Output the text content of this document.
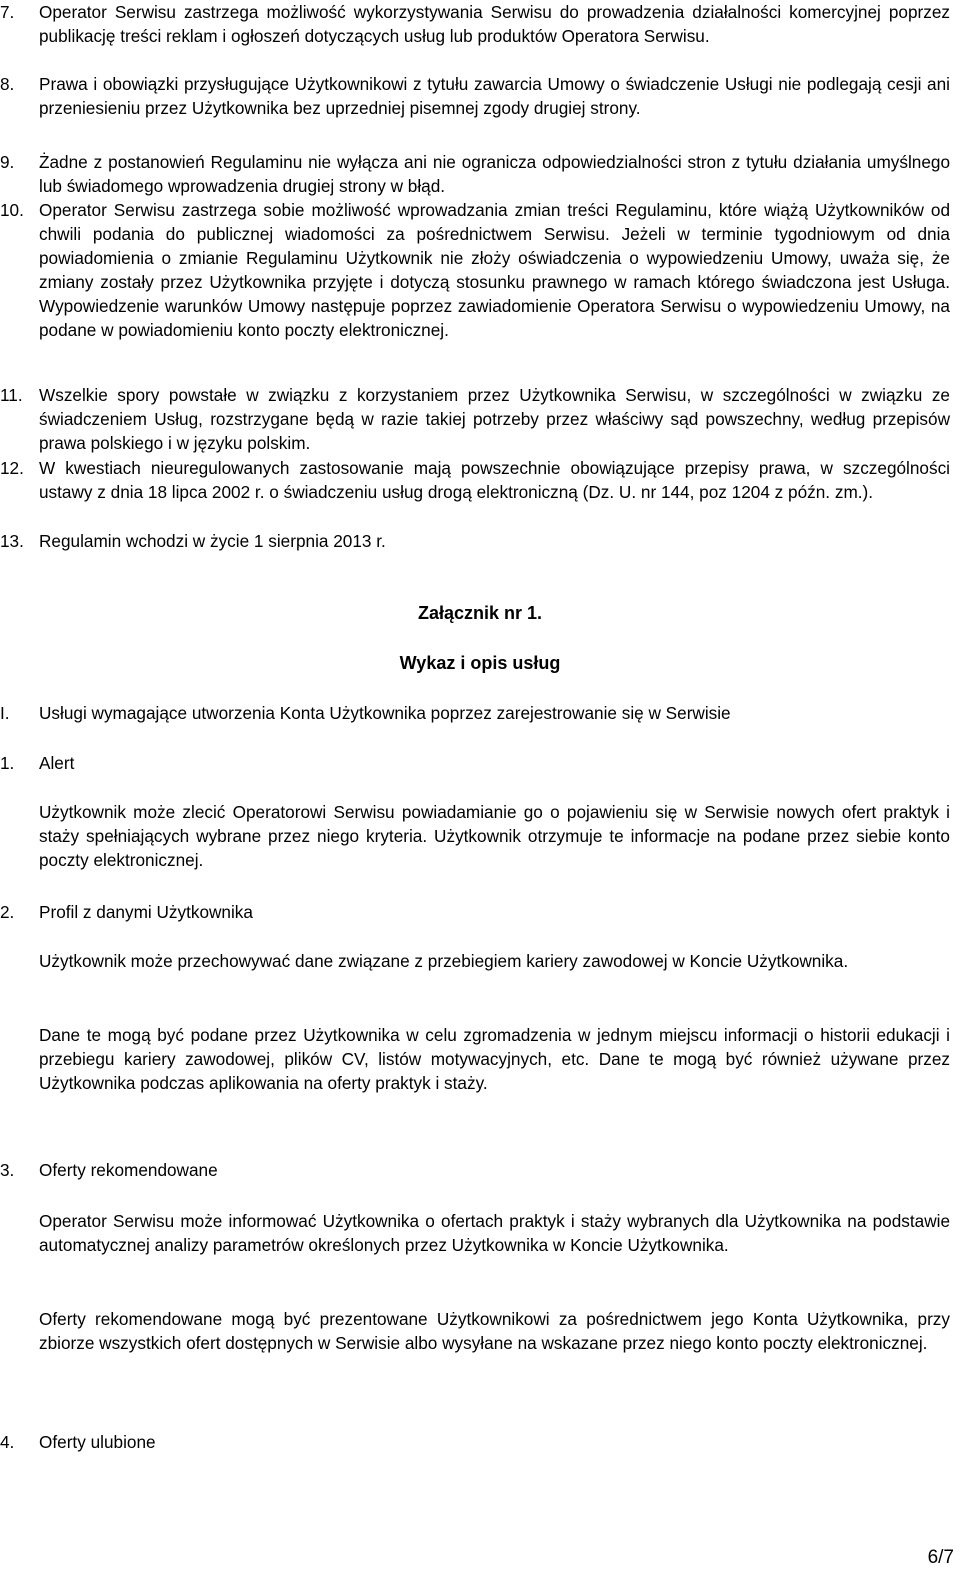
7. Operator Serwisu zastrzega możliwość wykorzystywania Serwisu do prowadzenia działalności komercyjnej poprzez publikację treści reklam i ogłoszeń dotyczących usług lub produktów Operatora Serwisu.
8. Prawa i obowiązki przysługujące Użytkownikowi z tytułu zawarcia Umowy o świadczenie Usługi nie podlegają cesji ani przeniesieniu przez Użytkownika bez uprzedniej pisemnej zgody drugiej strony.
9. Żadne z postanowień Regulaminu nie wyłącza ani nie ogranicza odpowiedzialności stron z tytułu działania umyślnego lub świadomego wprowadzenia drugiej strony w błąd.
10. Operator Serwisu zastrzega sobie możliwość wprowadzania zmian treści Regulaminu, które wiążą Użytkowników od chwili podania do publicznej wiadomości za pośrednictwem Serwisu. Jeżeli w terminie tygodniowym od dnia powiadomienia o zmianie Regulaminu Użytkownik nie złoży oświadczenia o wypowiedzeniu Umowy, uważa się, że zmiany zostały przez Użytkownika przyjęte i dotyczą stosunku prawnego w ramach którego świadczona jest Usługa. Wypowiedzenie warunków Umowy następuje poprzez zawiadomienie Operatora Serwisu o wypowiedzeniu Umowy, na podane w powiadomieniu konto poczty elektronicznej.
11. Wszelkie spory powstałe w związku z korzystaniem przez Użytkownika Serwisu, w szczególności w związku ze świadczeniem Usług, rozstrzygane będą w razie takiej potrzeby przez właściwy sąd powszechny, według przepisów prawa polskiego i w języku polskim.
12. W kwestiach nieuregulowanych zastosowanie mają powszechnie obowiązujące przepisy prawa, w szczególności ustawy z dnia 18 lipca 2002 r. o świadczeniu usług drogą elektroniczną (Dz. U. nr 144, poz 1204 z późn. zm.).
13. Regulamin wchodzi w życie 1 sierpnia 2013 r.
Załącznik nr 1.
Wykaz i opis usług
I. Usługi wymagające utworzenia Konta Użytkownika poprzez zarejestrowanie się w Serwisie
1. Alert
Użytkownik może zlecić Operatorowi Serwisu powiadamianie go o pojawieniu się w Serwisie nowych ofert praktyk i staży spełniających wybrane przez niego kryteria. Użytkownik otrzymuje te informacje na podane przez siebie konto poczty elektronicznej.
2. Profil z danymi Użytkownika
Użytkownik może przechowywać dane związane z przebiegiem kariery zawodowej w Koncie Użytkownika.
Dane te mogą być podane przez Użytkownika w celu zgromadzenia w jednym miejscu informacji o historii edukacji i przebiegu kariery zawodowej, plików CV, listów motywacyjnych, etc. Dane te mogą być również używane przez Użytkownika podczas aplikowania na oferty praktyk i staży.
3. Oferty rekomendowane
Operator Serwisu może informować Użytkownika o ofertach praktyk i staży wybranych dla Użytkownika na podstawie automatycznej analizy parametrów określonych przez Użytkownika w Koncie Użytkownika.
Oferty rekomendowane mogą być prezentowane Użytkownikowi za pośrednictwem jego Konta Użytkownika, przy zbiorze wszystkich ofert dostępnych w Serwisie albo wysyłane na wskazane przez niego konto poczty elektronicznej.
4. Oferty ulubione
6/7
